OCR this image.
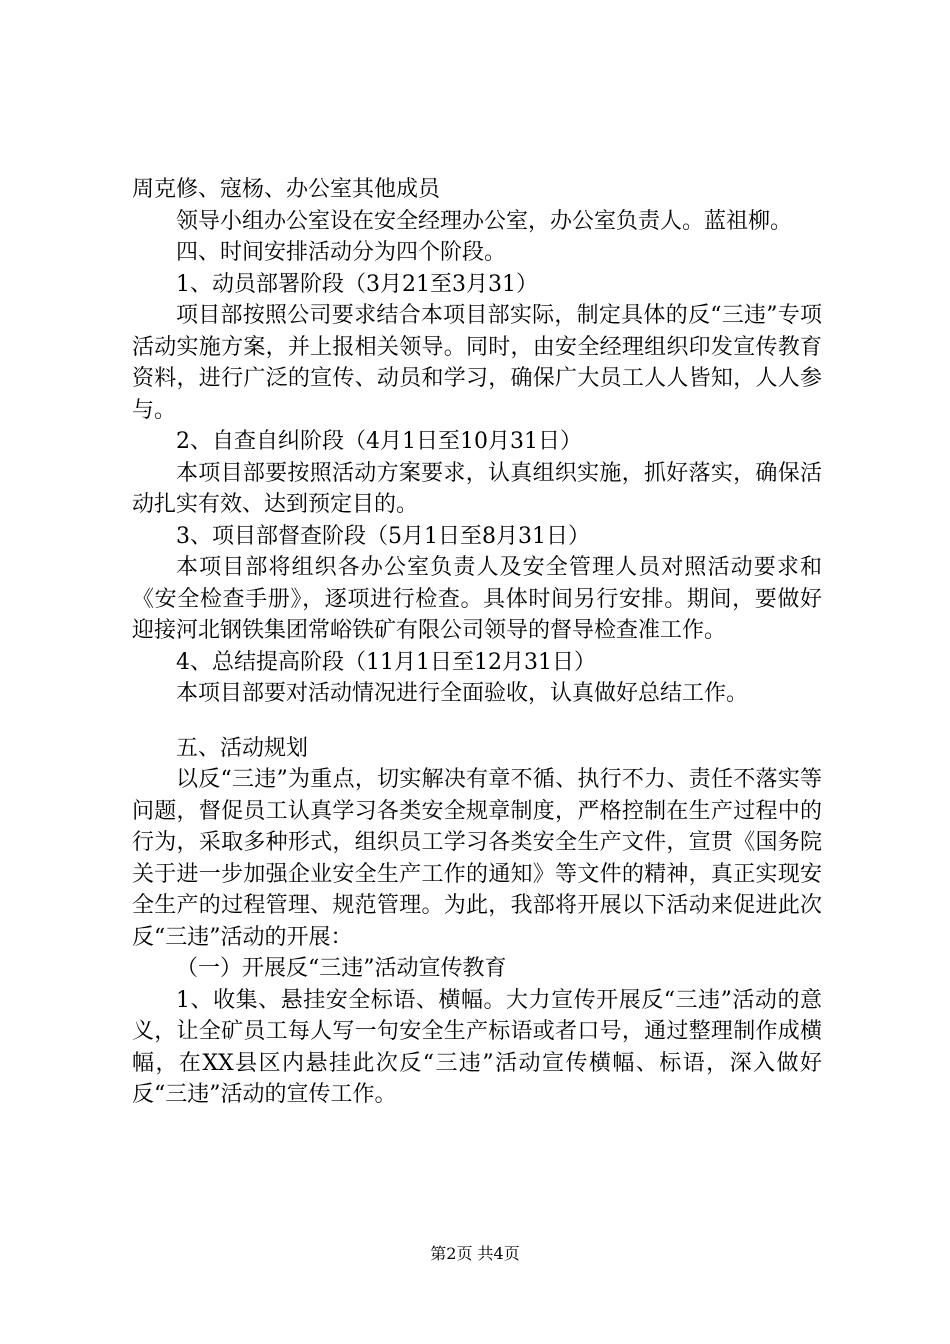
周克修、寇杨、办公室其他成员

领导小组办公室设在安全经理办公室，办公室负责人。蓝祖柳。

四、时间安排活动分为四个阶段。

1、动员部署阶段（3月21至3月31）

项目部按照公司要求结合本项目部实际，制定具体的反“三违”专项活动实施方案，并上报相关领导。同时，由安全经理组织印发宣传教育资料，进行广泛的宣传、动员和学习，确保广大员工人人皆知，人人参与。

2、自查自纠阶段（4月1日至10月31日）

本项目部要按照活动方案要求，认真组织实施，抓好落实，确保活动扎实有效、达到预定目的。

3、项目部督查阶段（5月1日至8月31日）

本项目部将组织各办公室负责人及安全管理人员对照活动要求和《安全检查手册》，逐项进行检查。具体时间另行安排。期间，要做好迎接河北钢铁集团常峪铁矿有限公司领导的督导检查准工作。

4、总结提高阶段（11月1日至12月31日）

本项目部要对活动情况进行全面验收，认真做好总结工作。

五、活动规划

以反“三违”为重点，切实解决有章不循、执行不力、责任不落实等问题，督促员工认真学习各类安全规章制度，严格控制在生产过程中的行为，采取多种形式，组织员工学习各类安全生产文件，宣贯《国务院关于进一步加强企业安全生产工作的通知》等文件的精神，真正实现安全生产的过程管理、规范管理。为此，我部将开展以下活动来促进此次反“三违”活动的开展：

（一）开展反“三违”活动宣传教育

1、收集、悬挂安全标语、横幅。大力宣传开展反“三违”活动的意义，让全矿员工每人写一句安全生产标语或者口号，通过整理制作成横幅，在XX县区内悬挂此次反“三违”活动宣传横幅、标语，深入做好反“三违”活动的宣传工作。

第2页 共4页
